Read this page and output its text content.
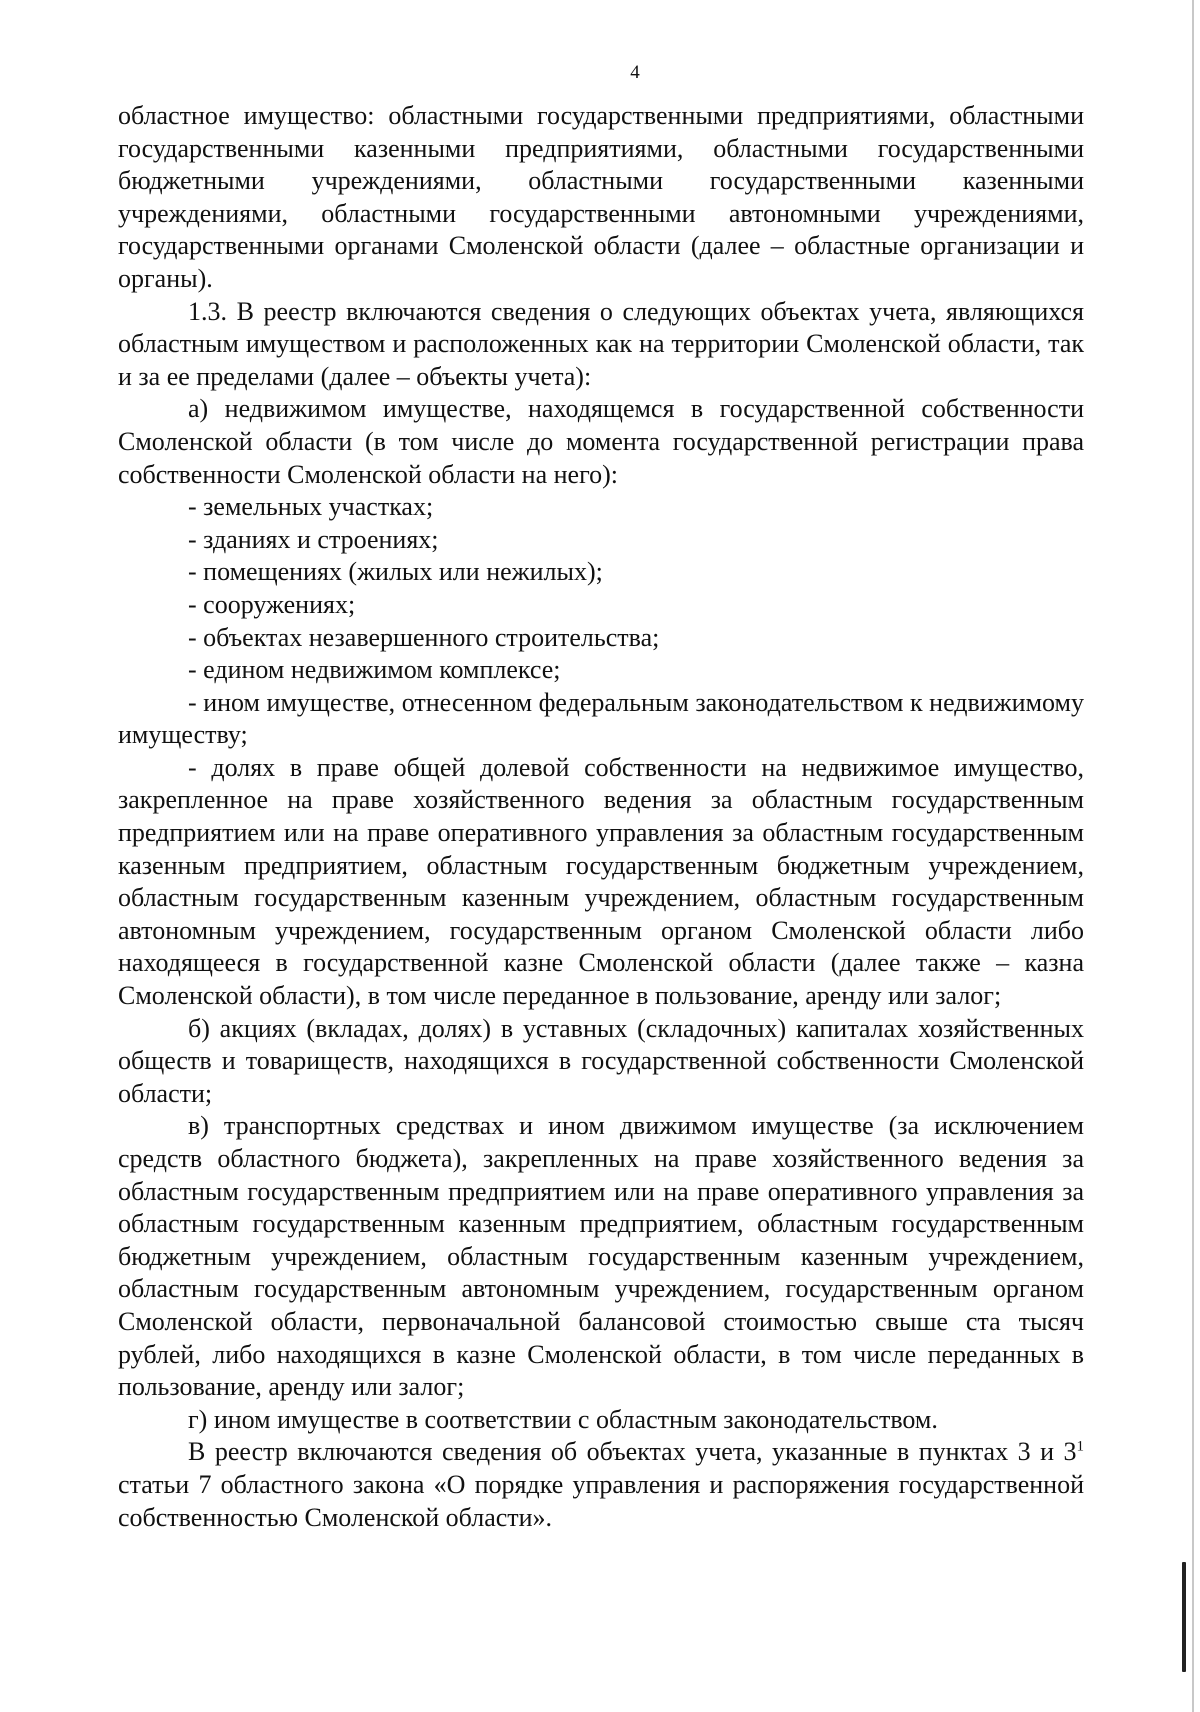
4

областное имущество: областными государственными предприятиями, областными государственными казенными предприятиями, областными государственными бюджетными учреждениями, областными государственными казенными учреждениями, областными государственными автономными учреждениями, государственными органами Смоленской области (далее – областные организации и органы).

1.3. В реестр включаются сведения о следующих объектах учета, являющихся областным имуществом и расположенных как на территории Смоленской области, так и за ее пределами (далее – объекты учета):

а) недвижимом имуществе, находящемся в государственной собственности Смоленской области (в том числе до момента государственной регистрации права собственности Смоленской области на него):

- земельных участках;

- зданиях и строениях;

- помещениях (жилых или нежилых);

- сооружениях;

- объектах незавершенного строительства;

- едином недвижимом комплексе;

- ином имуществе, отнесенном федеральным законодательством к недвижимому имуществу;

- долях в праве общей долевой собственности на недвижимое имущество, закрепленное на праве хозяйственного ведения за областным государственным предприятием или на праве оперативного управления за областным государственным казенным предприятием, областным государственным бюджетным учреждением, областным государственным казенным учреждением, областным государственным автономным учреждением, государственным органом Смоленской области либо находящееся в государственной казне Смоленской области (далее также – казна Смоленской области), в том числе переданное в пользование, аренду или залог;

б) акциях (вкладах, долях) в уставных (складочных) капиталах хозяйственных обществ и товариществ, находящихся в государственной собственности Смоленской области;

в) транспортных средствах и ином движимом имуществе (за исключением средств областного бюджета), закрепленных на праве хозяйственного ведения за областным государственным предприятием или на праве оперативного управления за областным государственным казенным предприятием, областным государственным бюджетным учреждением, областным государственным казенным учреждением, областным государственным автономным учреждением, государственным органом Смоленской области, первоначальной балансовой стоимостью свыше ста тысяч рублей, либо находящихся в казне Смоленской области, в том числе переданных в пользование, аренду или залог;

г) ином имуществе в соответствии с областным законодательством.

В реестр включаются сведения об объектах учета, указанные в пунктах 3 и $3^1$ статьи 7 областного закона «О порядке управления и распоряжения государственной собственностью Смоленской области».
